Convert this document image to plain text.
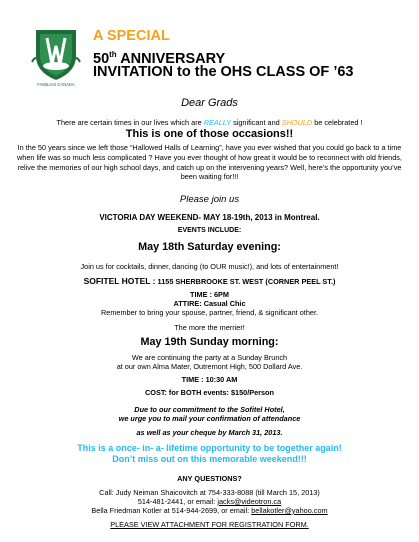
FAMILIAS CANADA
A SPECIAL
50th ANNIVERSARY
INVITATION to the OHS CLASS OF ’63
Dear Grads
There are certain times in our lives which are REALLY significant and SHOULD be celebrated !
This is one of those occasions!!
In the 50 years since we left those “Hallowed Halls of Learning”, have you ever wished that you could go back to a time when life was so much less complicated ? Have you ever thought of how great it would be to reconnect with old friends, relive the memories of our high school days, and catch up on the intervening years? Well, here’s the opportunity you’ve been waiting for!!!
Please join us
VICTORIA DAY WEEKEND- MAY 18-19th, 2013 in Montreal.
EVENTS INCLUDE:
May 18th Saturday evening:
Join us for cocktails, dinner, dancing (to OUR music!), and lots of entertainment!
SOFITEL HOTEL : 1155 SHERBROOKE ST. WEST (CORNER PEEL ST.)
TIME : 6PM
ATTIRE: Casual Chic
Remember to bring your spouse, partner, friend, & significant other.
The more the merrier!
May 19th Sunday morning:
We are continuing the party at a Sunday Brunch
at our own Alma Mater, Outremont High, 500 Dollard Ave.
TIME : 10:30 AM
COST: for BOTH events: $150/Person
Due to our commitment to the Sofitel Hotel,
we urge you to mail your confirmation of attendance
as well as your cheque by March 31, 2013.
This is a once- in- a- lifetime opportunity to be together again!
Don’t miss out on this memorable weekend!!!
ANY QUESTIONS?
Call: Judy Neiman Shaicovitch at 754-333-8088 (till March 15, 2013)
514-481-2441, or email: jacks@videotron.ca
Bella Friedman Kotler at 514-944-2699, or email: bellakotler@yahoo.com
PLEASE VIEW ATTACHMENT FOR REGISTRATION FORM.
